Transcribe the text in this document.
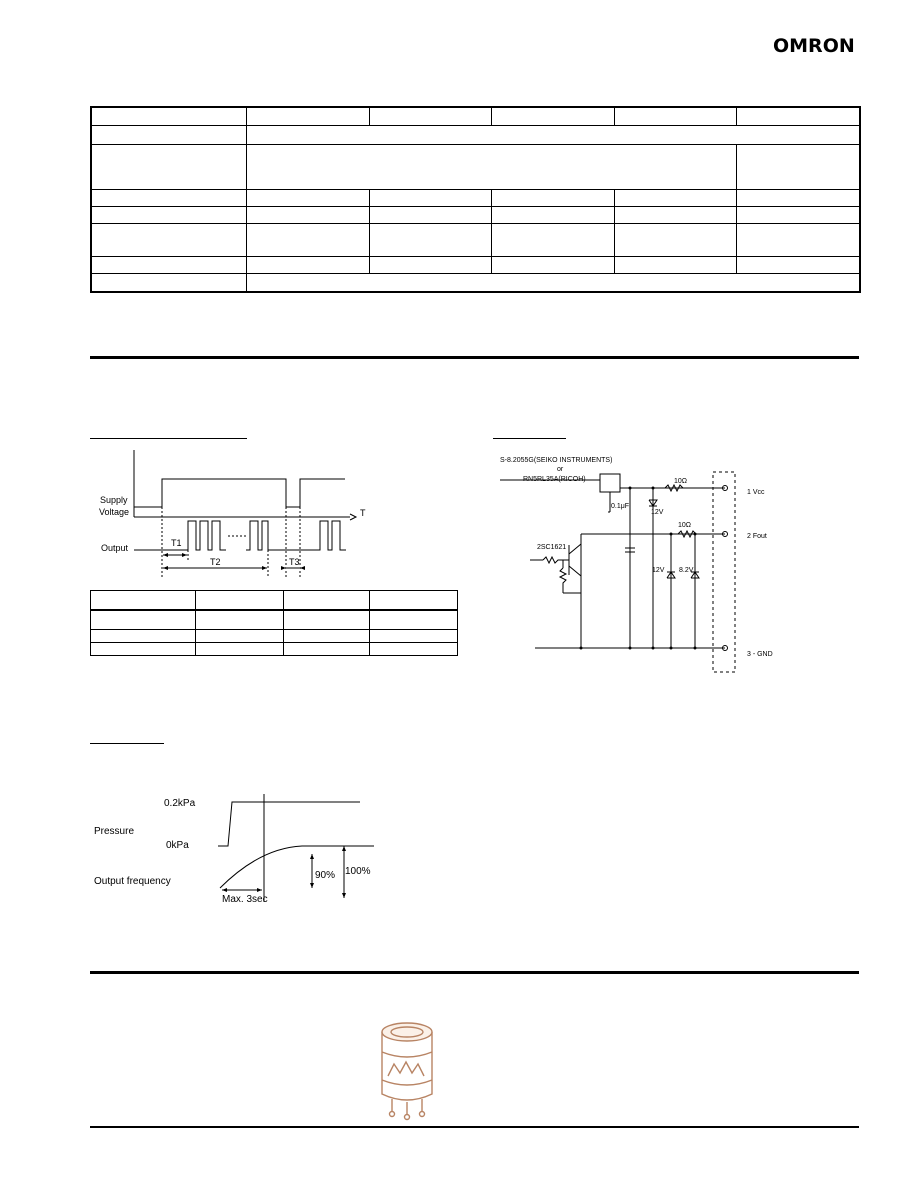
OMRON

Supply
Voltage
Output
T
T1
T2	T3

S-8.2055G(SEIKO INSTRUMENTS)
or
RN5RL35A(RICOH)
2SC1621
0.1μF
12V
10Ω
10Ω
12V 8.2V
1 Vcc
2 Fout
3 - GND
0.2kPa
Pressure
0kPa
Output frequency
90% 100%
Max. 3sec
